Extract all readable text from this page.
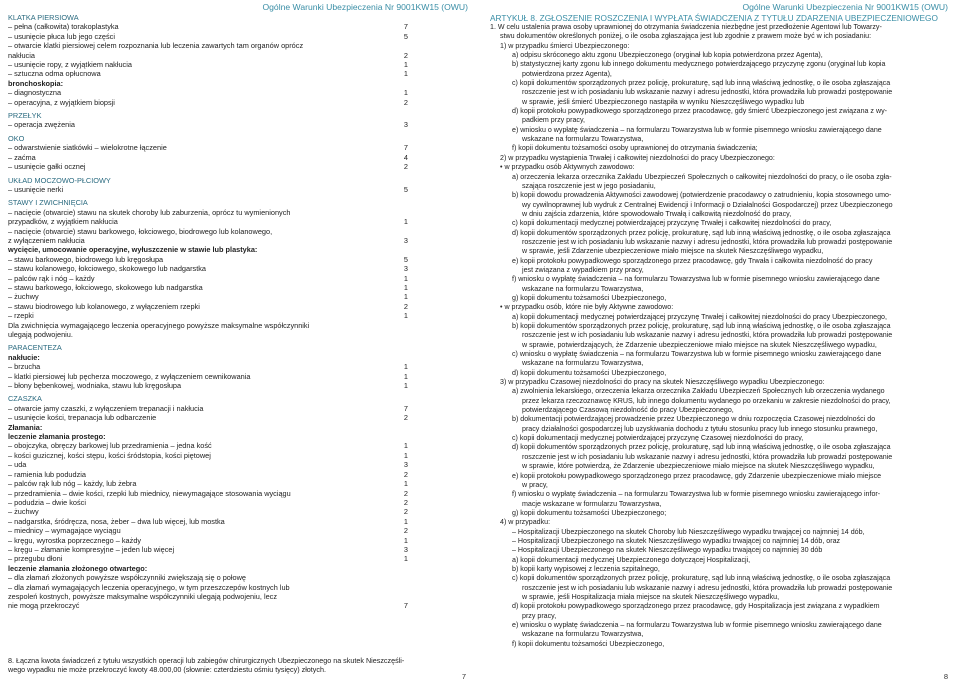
Ogólne Warunki Ubezpieczenia Nr 9001KW15 (OWU)
KLATKA PIERSIOWA
– pełna (całkowita) torakoplastyka	7
– usunięcie płuca lub jego części	5
– otwarcie klatki piersiowej celem rozpoznania lub leczenia zawartych tam organów oprócz
nakłucia	2
– usunięcie ropy, z wyjątkiem nakłucia	1
– sztuczna odma opłucnowa	1
bronchoskopia:
– diagnostyczna	1
– operacyjna, z wyjątkiem biopsji	2
PRZEŁYK
– operacja zwężenia	3
OKO
– odwarstwienie siatkówki – wielokrotne łączenie	7
– zaćma	4
– usunięcie gałki ocznej	2
UKŁAD MOCZOWO-PŁCIOWY
– usunięcie nerki	5
STAWY I ZWICHNIĘCIA
– nacięcie (otwarcie) stawu na skutek choroby lub zaburzenia, oprócz tu wymienionych
przypadków, z wyjątkiem nakłucia	1
– nacięcie (otwarcie) stawu barkowego, łokciowego, biodrowego lub kolanowego,
z wyłączeniem nakłucia	3
wycięcie, umocowanie operacyjne, wyłuszczenie w stawie lub plastyka:
– stawu barkowego, biodrowego lub kręgosłupa	5
– stawu kolanowego, łokciowego, skokowego lub nadgarstka	3
– palców rąk i nóg – każdy	1
– stawu barkowego, łokciowego, skokowego lub nadgarstka	1
– żuchwy	1
– stawu biodrowego lub kolanowego, z wyłączeniem rzepki	2
– rzepki	1
Dla zwichnięcia wymagającego leczenia operacyjnego powyższe maksymalne współczynniki
ulegają podwojeniu.
PARACENTEZA
nakłucie:
– brzucha	1
– klatki piersiowej lub pęcherza moczowego, z wyłączeniem cewnikowania	1
– błony bębenkowej, wodniaka, stawu lub kręgosłupa	1
CZASZKA
– otwarcie jamy czaszki, z wyłączeniem trepanacji i nakłucia	7
– usunięcie kości, trepanacja lub odbarczenie	2
Złamania:
leczenie złamania prostego:
– obojczyka, obręczy barkowej lub przedramienia – jedna kość	1
– kości guzicznej, kości stępu, kości śródstopia, kości piętowej	1
– uda	3
– ramienia lub podudzia	2
– palców rąk lub nóg – każdy, lub żebra	1
– przedramienia – dwie kości, rzepki lub miednicy, niewymagające stosowania wyciągu	2
– podudzia – dwie kości	2
– żuchwy	2
– nadgarstka, śródręcza, nosa, żeber – dwa lub więcej, lub mostka	1
– miednicy – wymagające wyciągu	2
– kręgu, wyrostka poprzecznego – każdy	1
– kręgu – złamanie kompresyjne – jeden lub więcej	3
– przegubu dłoni	1
leczenie złamania złożonego otwartego:
– dla złamań złożonych powyższe współczynniki zwiększają się o połowę
– dla złamań wymagających leczenia operacyjnego, w tym przeszczepów kostnych lub
zespoleń kostnych, powyższe maksymalne współczynniki ulegają podwojeniu, lecz
nie mogą przekroczyć	7
8. Łączna kwota świadczeń z tytułu wszystkich operacji lub zabiegów chirurgicznych Ubezpieczonego na skutek Nieszczęśli-
wego wypadku nie może przekroczyć kwoty 48.000,00 (słownie: czterdziestu ośmiu tysięcy) złotych.
7
Ogólne Warunki Ubezpieczenia Nr 9001KW15 (OWU)
ARTYKUŁ 8. ZGŁOSZENIE ROSZCZENIA I WYPŁATA ŚWIADCZENIA Z TYTUŁU ZDARZENIA UBEZPIECZENIOWEGO
1. W celu ustalenia prawa osoby uprawnionej do otrzymania świadczenia niezbędne jest przedłożenie Agentowi lub Towarzy-
stwu dokumentów określonych poniżej, o ile osoba zgłaszająca jest lub zgodnie z prawem może być w ich posiadaniu:
1) w przypadku śmierci Ubezpieczonego:
a) odpisu skróconego aktu zgonu Ubezpieczonego (oryginał lub kopia potwierdzona przez Agenta),
b) statystycznej karty zgonu lub innego dokumentu medycznego potwierdzającego przyczynę zgonu (oryginał lub kopia
potwierdzona przez Agenta),
c) kopii dokumentów sporządzonych przez policję, prokuraturę, sąd lub inną właściwą jednostkę, o ile osoba zgłaszająca
roszczenie jest w ich posiadaniu lub wskazanie nazwy i adresu jednostki, która prowadziła lub prowadzi postępowanie
w sprawie, jeśli śmierć Ubezpieczonego nastąpiła w wyniku Nieszczęśliwego wypadku lub
d) kopii protokołu powypadkowego sporządzonego przez pracodawcę, gdy śmierć Ubezpieczonego jest związana z wy-
padkiem przy pracy,
e) wniosku o wypłatę świadczenia – na formularzu Towarzystwa lub w formie pisemnego wniosku zawierającego dane
wskazane na formularzu Towarzystwa,
f) kopii dokumentu tożsamości osoby uprawnionej do otrzymania świadczenia;
2) w przypadku wystąpienia Trwałej i całkowitej niezdolności do pracy Ubezpieczonego:
• w przypadku osób Aktywnych zawodowo:
a) orzeczenia lekarza orzecznika Zakładu Ubezpieczeń Społecznych o całkowitej niezdolności do pracy, o ile osoba zgła-
szająca roszczenie jest w jego posiadaniu,
b) kopii dowodu prowadzenia Aktywności zawodowej (potwierdzenie pracodawcy o zatrudnieniu, kopia stosownego umo-
wy cywilnoprawnej lub wydruk z Centralnej Ewidencji i Informacji o Działalności Gospodarczej) przez Ubezpieczonego
w dniu zajścia zdarzenia, które spowodowało Trwałą i całkowitą niezdolność do pracy,
c) kopii dokumentacji medycznej potwierdzającej przyczynę Trwałej i całkowitej niezdolności do pracy,
d) kopii dokumentów sporządzonych przez policję, prokuraturę, sąd lub inną właściwą jednostkę, o ile osoba zgłaszająca
roszczenie jest w ich posiadaniu lub wskazanie nazwy i adresu jednostki, która prowadziła lub prowadzi postępowanie
w sprawie, jeśli Zdarzenie ubezpieczeniowe miało miejsce na skutek Nieszczęśliwego wypadku,
e) kopii protokołu powypadkowego sporządzonego przez pracodawcę, gdy Trwała i całkowita niezdolność do pracy
jest związana z wypadkiem przy pracy,
f) wniosku o wypłatę świadczenia – na formularzu Towarzystwa lub w formie pisemnego wniosku zawierającego dane
wskazane na formularzu Towarzystwa,
g) kopii dokumentu tożsamości Ubezpieczonego,
• w przypadku osób, które nie były Aktywne zawodowo:
a) kopii dokumentacji medycznej potwierdzającej przyczynę Trwałej i całkowitej niezdolności do pracy Ubezpieczonego,
b) kopii dokumentów sporządzonych przez policję, prokuraturę, sąd lub inną właściwą jednostkę, o ile osoba zgłaszająca
roszczenie jest w ich posiadaniu lub wskazanie nazwy i adresu jednostki, która prowadziła lub prowadzi postępowanie
w sprawie, potwierdzających, że Zdarzenie ubezpieczeniowe miało miejsce na skutek Nieszczęśliwego wypadku,
c) wniosku o wypłatę świadczenia – na formularzu Towarzystwa lub w formie pisemnego wniosku zawierającego dane
wskazane na formularzu Towarzystwa,
d) kopii dokumentu tożsamości Ubezpieczonego,
3) w przypadku Czasowej niezdolności do pracy na skutek Nieszczęśliwego wypadku Ubezpieczonego:
a) zwolnienia lekarskiego, orzeczenia lekarza orzecznika Zakładu Ubezpieczeń Społecznych lub orzeczenia wydanego
przez lekarza rzeczoznawcę KRUS, lub innego dokumentu wydanego po orzekaniu w zakresie niezdolności do pracy,
potwierdzającego Czasową niezdolność do pracy Ubezpieczonego,
b) dokumentacji potwierdzającej prowadzenie przez Ubezpieczonego w dniu rozpoczęcia Czasowej niezdolności do
pracy działalności gospodarczej lub uzyskiwania dochodu z tytułu stosunku pracy lub innego stosunku prawnego,
c) kopii dokumentacji medycznej potwierdzającej przyczynę Czasowej niezdolności do pracy,
d) kopii dokumentów sporządzonych przez policję, prokuraturę, sąd lub inną właściwą jednostkę, o ile osoba zgłaszająca
roszczenie jest w ich posiadaniu lub wskazanie nazwy i adresu jednostki, która prowadziła lub prowadzi postępowanie
w sprawie, które potwierdzą, że Zdarzenie ubezpieczeniowe miało miejsce na skutek Nieszczęśliwego wypadku,
e) kopii protokołu powypadkowego sporządzonego przez pracodawcę, gdy Zdarzenie ubezpieczeniowe miało miejsce
w pracy,
f) wniosku o wypłatę świadczenia – na formularzu Towarzystwa lub w formie pisemnego wniosku zawierającego infor-
macje wskazane w formularzu Towarzystwa,
g) kopii dokumentu tożsamości Ubezpieczonego;
4) w przypadku:
– Hospitalizacji Ubezpieczonego na skutek Choroby lub Nieszczęśliwego wypadku trwającej co najmniej 14 dób,
– Hospitalizacji Ubezpieczonego na skutek Nieszczęśliwego wypadku trwającej co najmniej 14 dób, oraz
– Hospitalizacji Ubezpieczonego na skutek Nieszczęśliwego wypadku trwającej co najmniej 30 dób
a) kopii dokumentacji medycznej Ubezpieczonego dotyczącej Hospitalizacji,
b) kopii karty wypisowej z leczenia szpitalnego,
c) kopii dokumentów sporządzonych przez policję, prokuraturę, sąd lub inną właściwą jednostkę, o ile osoba zgłaszająca
roszczenie jest w ich posiadaniu lub wskazanie nazwy i adresu jednostki, która prowadziła lub prowadzi postępowanie
w sprawie, jeśli Hospitalizacja miała miejsce na skutek Nieszczęśliwego wypadku,
d) kopii protokołu powypadkowego sporządzonego przez pracodawcę, gdy Hospitalizacja jest związana z wypadkiem
przy pracy,
e) wniosku o wypłatę świadczenia – na formularzu Towarzystwa lub w formie pisemnego wniosku zawierającego dane
wskazane na formularzu Towarzystwa,
f) kopii dokumentu tożsamości Ubezpieczonego,
8
